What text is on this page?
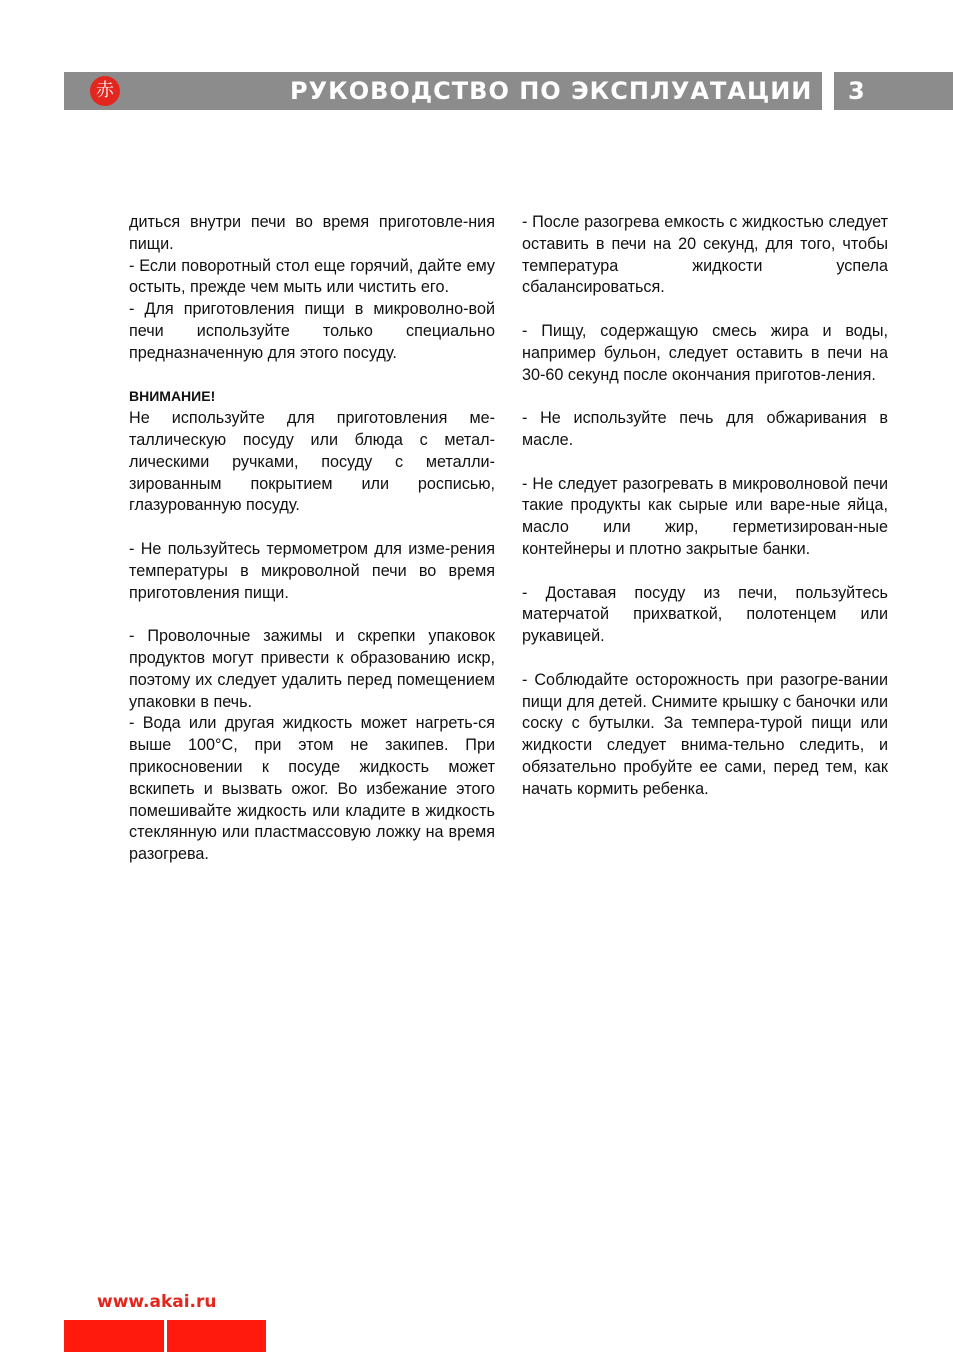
赤	РУКОВОДСТВО ПО ЭКСПЛУАТАЦИИ 3

диться внутри печи во время приготовле-ния пищи.

- Если поворотный стол еще горячий, дайте ему остыть, прежде чем мыть или чистить его.

- Для приготовления пищи в микроволно-вой печи используйте только специально предназначенную для этого посуду.

ВНИМАНИЕ!

Не используйте для приготовления ме-таллическую посуду или блюда с метал-лическими ручками, посуду с металли-зированным покрытием или росписью, глазурованную посуду.

- Не пользуйтесь термометром для изме-рения температуры в микроволной печи во время приготовления пищи.

- Проволочные зажимы и скрепки упаковок продуктов могут привести к образованию искр, поэтому их следует удалить перед помещением упаковки в печь.

- Вода или другая жидкость может нагреть-ся выше 100°С, при этом не закипев. При прикосновении к посуде жидкость может вскипеть и вызвать ожог. Во избежание этого помешивайте жидкость или кладите в жидкость стеклянную или пластмассовую ложку на время разогрева.

- После разогрева емкость с жидкостью следует оставить в печи на 20 секунд, для того, чтобы температура жидкости успела сбалансироваться.

- Пищу, содержащую смесь жира и воды, например бульон, следует оставить в печи на 30-60 секунд после окончания приготов-ления.

- Не используйте печь для обжаривания в масле.

- Не следует разогревать в микроволновой печи такие продукты как сырые или варе-ные яйца, масло или жир, герметизирован-ные контейнеры и плотно закрытые банки.

- Доставая посуду из печи, пользуйтесь матерчатой прихваткой, полотенцем или рукавицей.

- Соблюдайте осторожность при разогре-вании пищи для детей. Снимите крышку с баночки или соску с бутылки. За темпера-турой пищи или жидкости следует внима-тельно следить, и обязательно пробуйте ее сами, перед тем, как начать кормить ребенка.

www.akai.ru
